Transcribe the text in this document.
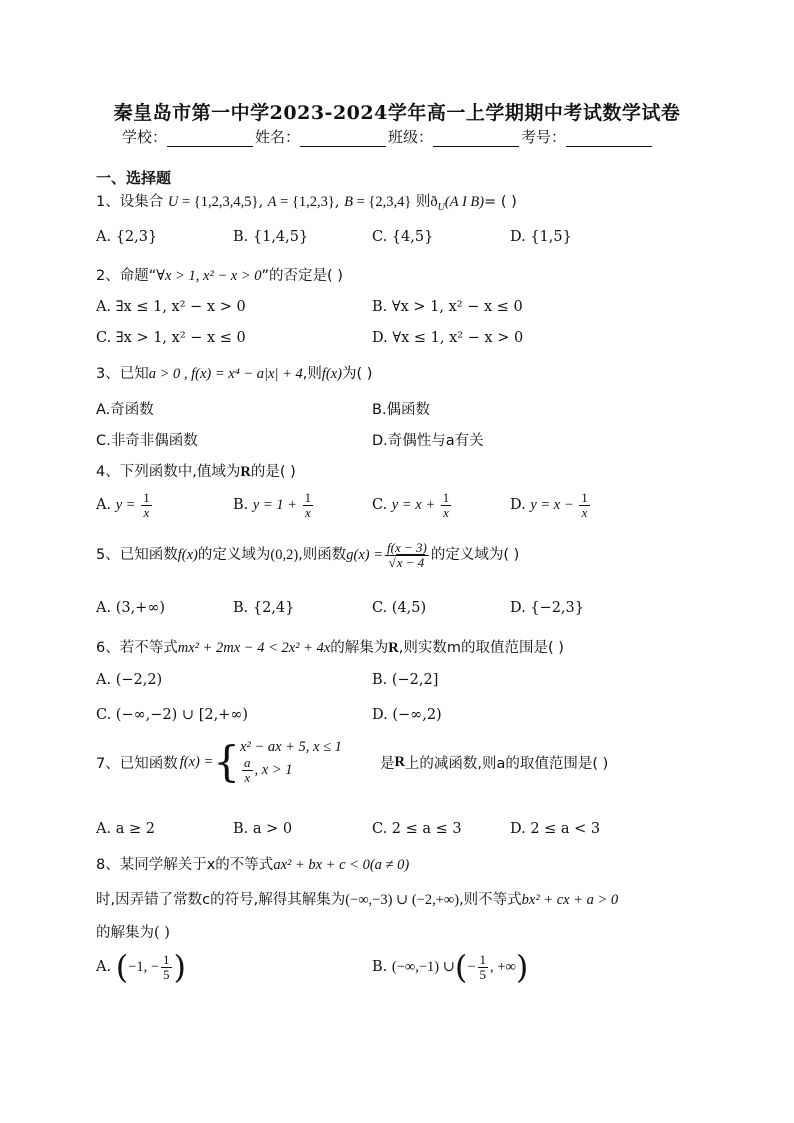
秦皇岛市第一中学2023-2024学年高一上学期期中考试数学试卷
学校：	姓名：	班级：	考号：
一、选择题
1、设集合 U = {1,2,3,4,5}, A = {1,2,3}, B = {2,3,4} 则$ð_U(A$ I B)= ( )
A. {2,3}	B. {1,4,5}	C. {4,5}	D. {1,5}
2、命题“∀x > 1, x² − x > 0”的否定是( )
A. ∃x ≤ 1, x² − x > 0	B. ∀x > 1, x² − x ≤ 0
C. ∃x > 1, x² − x ≤ 0	D. ∀x ≤ 1, x² − x > 0
3、已知a > 0 , f(x) = x⁴ − a|x| + 4,则f(x)为( )
A.奇函数	B.偶函数
C.非奇非偶函数	D.奇偶性与a有关
4、下列函数中,值域为R的是( )
A. $y = \frac{1}{x}$	B. $y = 1 + \frac{1}{x}$	C. $y = x + \frac{1}{x}$	D. $y = x - \frac{1}{x}$
5、已知函数f(x)的定义域为(0,2),则函数$g(x) = \frac{f(x - 3)}{√x - 4}$ 的定义域为( )
A. (3,+∞)	B. {2,4}	C. (4,5)	D. {−2,3}
6、若不等式mx² + 2mx − 4 < 2x² + 4x的解集为R,则实数m的取值范围是( )
A. (−2,2)	B. (−2,2]
C. (−∞,−2) ∪ [2,+∞)	D. (−∞,2)
7、已知函数 f(x) = { x² − ax + 5, x ≤ 1
$\frac{a}{x}$ , x > 1	是 R 上的减函数,则a的取值范围是( )
A. a ≥ 2	B. a > 0	C. 2 ≤ a ≤ 3	D. 2 ≤ a < 3
8、某同学解关于x的不等式ax² + bx + c < 0(a ≠ 0)
时,因弄错了常数c的符号,解得其解集为(−∞,−3) ∪ (−2,+∞),则不等式bx² + cx + a > 0
的解集为( )
A. (−1, − $\frac{1}{5}$ )	B. (−∞,−1) ∪(− $\frac{1}{5}$ , +∞)
